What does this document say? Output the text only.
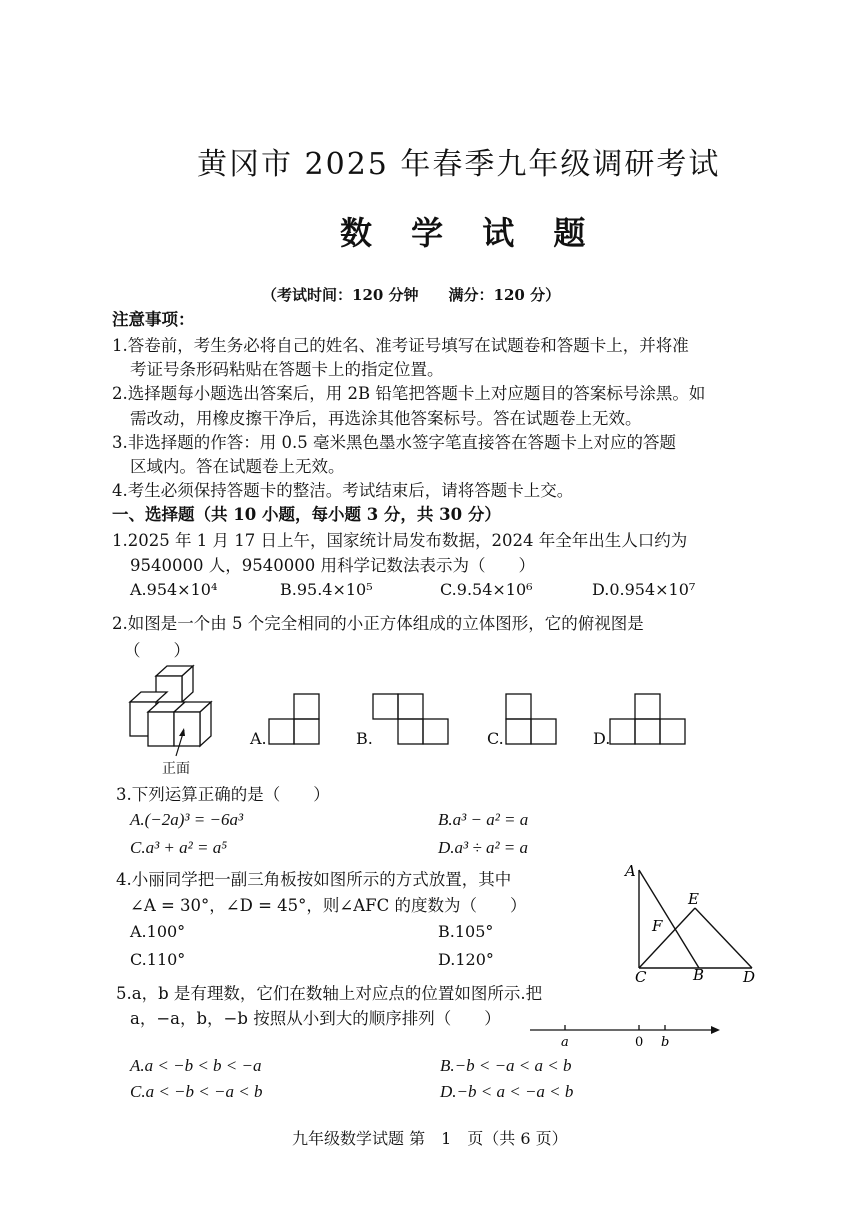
黄冈市 2025 年春季九年级调研考试
数 学 试 题
（考试时间：120 分钟　　满分：120 分）
注意事项：
1.答卷前，考生务必将自己的姓名、准考证号填写在试题卷和答题卡上，并将准
考证号条形码粘贴在答题卡上的指定位置。
2.选择题每小题选出答案后，用 2B 铅笔把答题卡上对应题目的答案标号涂黑。如
需改动，用橡皮擦干净后，再选涂其他答案标号。答在试题卷上无效。
3.非选择题的作答：用 0.5 毫米黑色墨水签字笔直接答在答题卡上对应的答题
区域内。答在试题卷上无效。
4.考生必须保持答题卡的整洁。考试结束后，请将答题卡上交。
一、选择题（共 10 小题，每小题 3 分，共 30 分）
1.2025 年 1 月 17 日上午，国家统计局发布数据，2024 年全年出生人口约为
9540000 人，9540000 用科学记数法表示为（　　）
A.954×10⁴	B.95.4×10⁵	C.9.54×10⁶	D.0.954×10⁷
2.如图是一个由 5 个完全相同的小正方体组成的立体图形，它的俯视图是
（　　）
正面
A.	B.	C.	D.
3.下列运算正确的是（　　）
A.(−2a)³ = −6a³	B.a³ − a² = a
C.a³ + a² = a⁵	D.a³ ÷ a² = a
4.小丽同学把一副三角板按如图所示的方式放置，其中
∠A = 30°，∠D = 45°，则∠AFC 的度数为（　　）
A.100°	B.105°
C.110°	D.120°
A
E
F
C	B	D
5.a，b 是有理数，它们在数轴上对应点的位置如图所示.把
a，−a，b，−b 按照从小到大的顺序排列（　　）
a	0 b
A.a < −b < b < −a	B.−b < −a < a < b
C.a < −b < −a < b	D.−b < a < −a < b
九年级数学试题 第　1　页（共 6 页）
